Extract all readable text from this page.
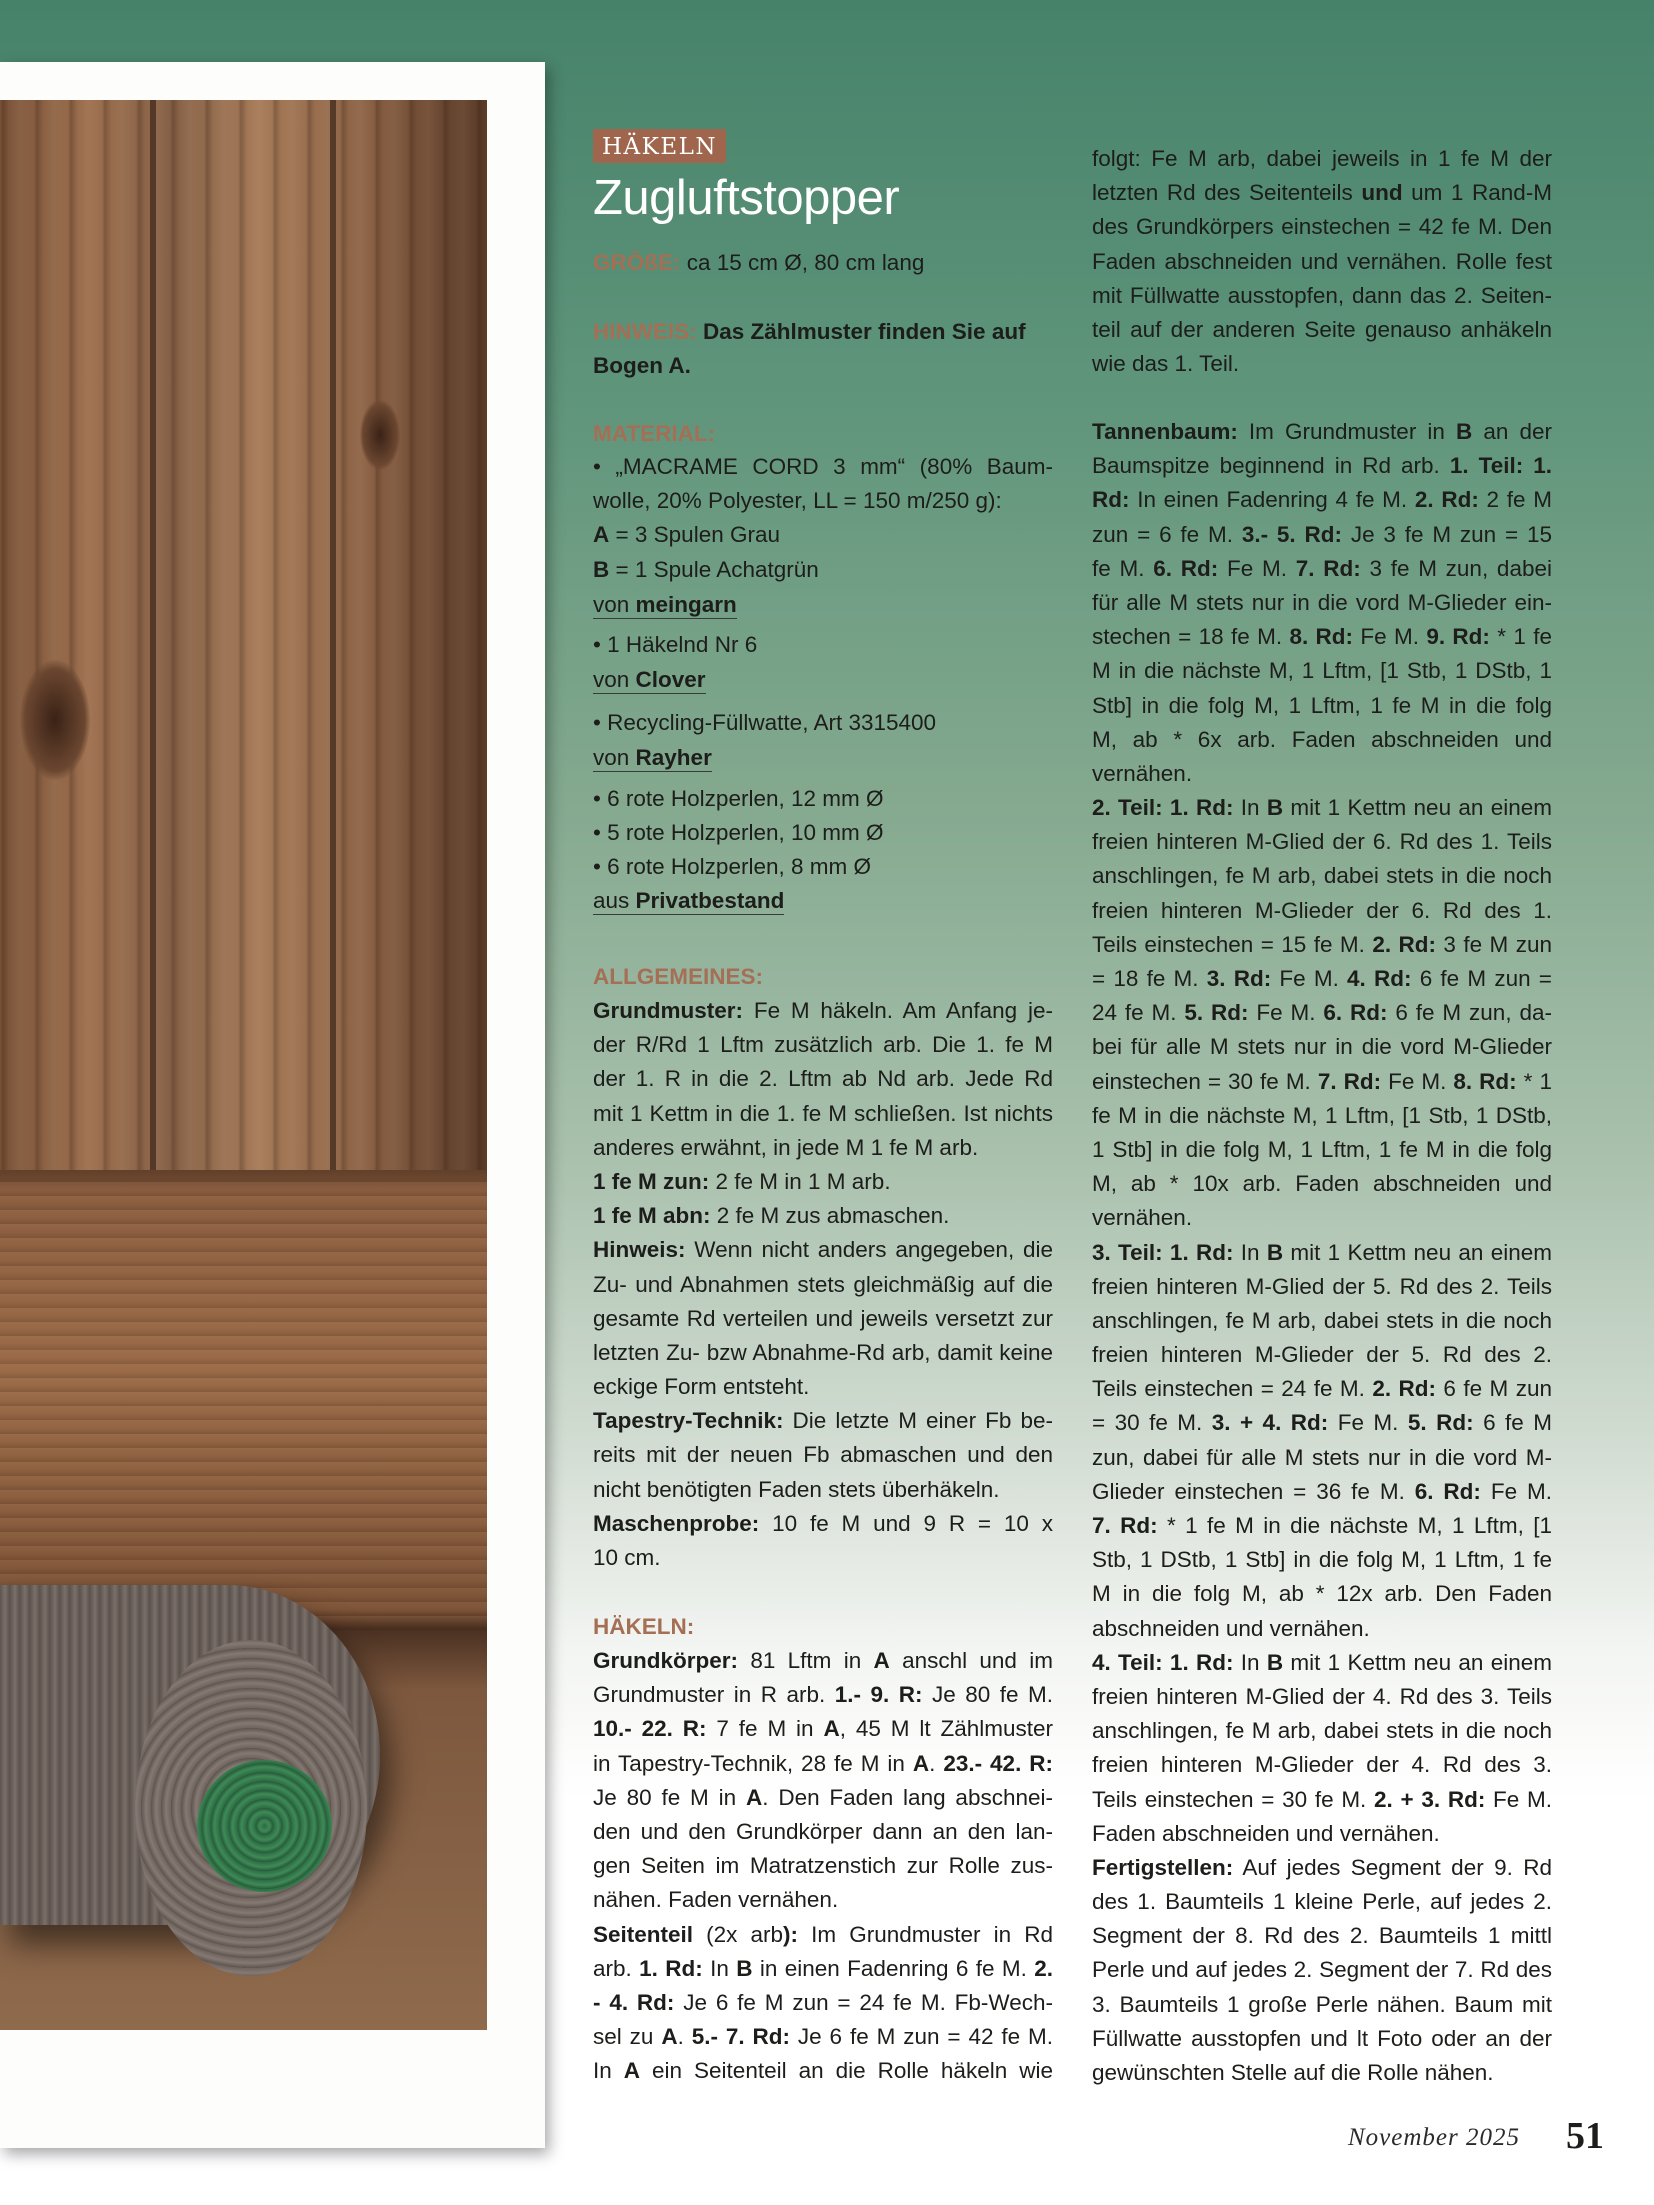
HÄKELN
Zugluftstopper
GRÖßE: ca 15 cm Ø, 80 cm lang
HINWEIS: Das Zählmuster finden Sie auf
Bogen A.
MATERIAL:
• „MACRAME CORD 3 mm“ (80% Baum-
wolle, 20% Polyester, LL = 150 m/250 g):
A = 3 Spulen Grau
B = 1 Spule Achatgrün
von meingarn
• 1 Häkelnd Nr 6
von Clover
• Recycling-Füllwatte, Art 3315400
von Rayher
• 6 rote Holzperlen, 12 mm Ø
• 5 rote Holzperlen, 10 mm Ø
• 6 rote Holzperlen, 8 mm Ø
aus Privatbestand
ALLGEMEINES:
Grundmuster: Fe M häkeln. Am Anfang je-
der R/Rd 1 Lftm zusätzlich arb. Die 1. fe M
der 1. R in die 2. Lftm ab Nd arb. Jede Rd
mit 1 Kettm in die 1. fe M schließen. Ist nichts
anderes erwähnt, in jede M 1 fe M arb.
1 fe M zun: 2 fe M in 1 M arb.
1 fe M abn: 2 fe M zus abmaschen.
Hinweis: Wenn nicht anders angegeben, die
Zu- und Abnahmen stets gleichmäßig auf die
gesamte Rd verteilen und jeweils versetzt zur
letzten Zu- bzw Abnahme-Rd arb, damit keine
eckige Form entsteht.
Tapestry-Technik: Die letzte M einer Fb be-
reits mit der neuen Fb abmaschen und den
nicht benötigten Faden stets überhäkeln.
Maschenprobe: 10 fe M und 9 R = 10 x
10 cm.
HÄKELN:
Grundkörper: 81 Lftm in A anschl und im
Grundmuster in R arb. 1.- 9. R: Je 80 fe M.
10.- 22. R: 7 fe M in A, 45 M lt Zählmuster
in Tapestry-Technik, 28 fe M in A. 23.- 42. R:
Je 80 fe M in A. Den Faden lang abschnei-
den und den Grundkörper dann an den lan-
gen Seiten im Matratzenstich zur Rolle zus-
nähen. Faden vernähen.
Seitenteil (2x arb): Im Grundmuster in Rd
arb. 1. Rd: In B in einen Fadenring 6 fe M. 2.
- 4. Rd: Je 6 fe M zun = 24 fe M. Fb-Wech-
sel zu A. 5.- 7. Rd: Je 6 fe M zun = 42 fe M.
In A ein Seitenteil an die Rolle häkeln wie
folgt: Fe M arb, dabei jeweils in 1 fe M der
letzten Rd des Seitenteils und um 1 Rand-M
des Grundkörpers einstechen = 42 fe M. Den
Faden abschneiden und vernähen. Rolle fest
mit Füllwatte ausstopfen, dann das 2. Seiten-
teil auf der anderen Seite genauso anhäkeln
wie das 1. Teil.
Tannenbaum: Im Grundmuster in B an der
Baumspitze beginnend in Rd arb. 1. Teil: 1.
Rd: In einen Fadenring 4 fe M. 2. Rd: 2 fe M
zun = 6 fe M. 3.- 5. Rd: Je 3 fe M zun = 15
fe M. 6. Rd: Fe M. 7. Rd: 3 fe M zun, dabei
für alle M stets nur in die vord M-Glieder ein-
stechen = 18 fe M. 8. Rd: Fe M. 9. Rd: * 1 fe
M in die nächste M, 1 Lftm, [1 Stb, 1 DStb, 1
Stb] in die folg M, 1 Lftm, 1 fe M in die folg
M, ab * 6x arb. Faden abschneiden und
vernähen.
2. Teil: 1. Rd: In B mit 1 Kettm neu an einem
freien hinteren M-Glied der 6. Rd des 1. Teils
anschlingen, fe M arb, dabei stets in die noch
freien hinteren M-Glieder der 6. Rd des 1.
Teils einstechen = 15 fe M. 2. Rd: 3 fe M zun
= 18 fe M. 3. Rd: Fe M. 4. Rd: 6 fe M zun =
24 fe M. 5. Rd: Fe M. 6. Rd: 6 fe M zun, da-
bei für alle M stets nur in die vord M-Glieder
einstechen = 30 fe M. 7. Rd: Fe M. 8. Rd: * 1
fe M in die nächste M, 1 Lftm, [1 Stb, 1 DStb,
1 Stb] in die folg M, 1 Lftm, 1 fe M in die folg
M, ab * 10x arb. Faden abschneiden und
vernähen.
3. Teil: 1. Rd: In B mit 1 Kettm neu an einem
freien hinteren M-Glied der 5. Rd des 2. Teils
anschlingen, fe M arb, dabei stets in die noch
freien hinteren M-Glieder der 5. Rd des 2.
Teils einstechen = 24 fe M. 2. Rd: 6 fe M zun
= 30 fe M. 3. + 4. Rd: Fe M. 5. Rd: 6 fe M
zun, dabei für alle M stets nur in die vord M-
Glieder einstechen = 36 fe M. 6. Rd: Fe M.
7. Rd: * 1 fe M in die nächste M, 1 Lftm, [1
Stb, 1 DStb, 1 Stb] in die folg M, 1 Lftm, 1 fe
M in die folg M, ab * 12x arb. Den Faden
abschneiden und vernähen.
4. Teil: 1. Rd: In B mit 1 Kettm neu an einem
freien hinteren M-Glied der 4. Rd des 3. Teils
anschlingen, fe M arb, dabei stets in die noch
freien hinteren M-Glieder der 4. Rd des 3.
Teils einstechen = 30 fe M. 2. + 3. Rd: Fe M.
Faden abschneiden und vernähen.
Fertigstellen: Auf jedes Segment der 9. Rd
des 1. Baumteils 1 kleine Perle, auf jedes 2.
Segment der 8. Rd des 2. Baumteils 1 mittl
Perle und auf jedes 2. Segment der 7. Rd des
3. Baumteils 1 große Perle nähen. Baum mit
Füllwatte ausstopfen und lt Foto oder an der
gewünschten Stelle auf die Rolle nähen.
November 2025 51
